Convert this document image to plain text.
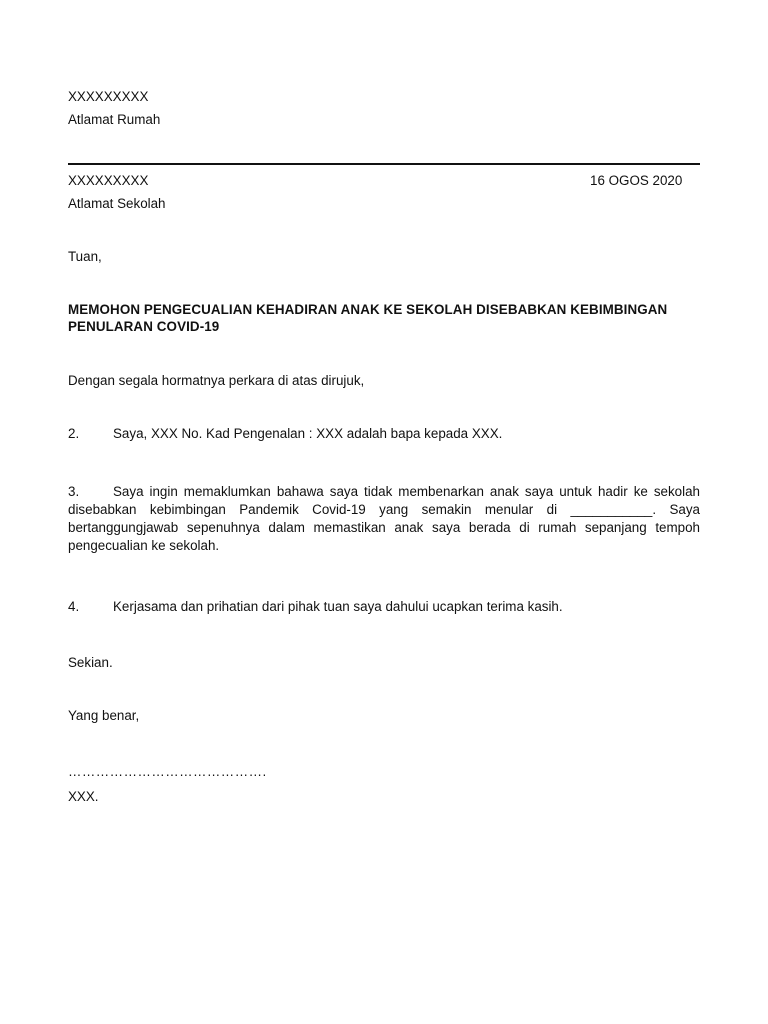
XXXXXXXXX
Atlamat Rumah
XXXXXXXXX	16 OGOS 2020
Atlamat Sekolah
Tuan,
MEMOHON PENGECUALIAN KEHADIRAN ANAK KE SEKOLAH DISEBABKAN KEBIMBINGAN PENULARAN COVID-19
Dengan segala hormatnya perkara di atas dirujuk,
2.	Saya, XXX No. Kad Pengenalan : XXX adalah bapa kepada XXX.
3.	Saya ingin memaklumkan bahawa saya tidak membenarkan anak saya untuk hadir ke sekolah disebabkan kebimbingan Pandemik Covid-19 yang semakin menular di ___________. Saya bertanggungjawab sepenuhnya dalam memastikan anak saya berada di rumah sepanjang tempoh pengecualian ke sekolah.
4.	Kerjasama dan prihatian dari pihak tuan saya dahului ucapkan terima kasih.
Sekian.
Yang benar,
…………………………………….
XXX.
